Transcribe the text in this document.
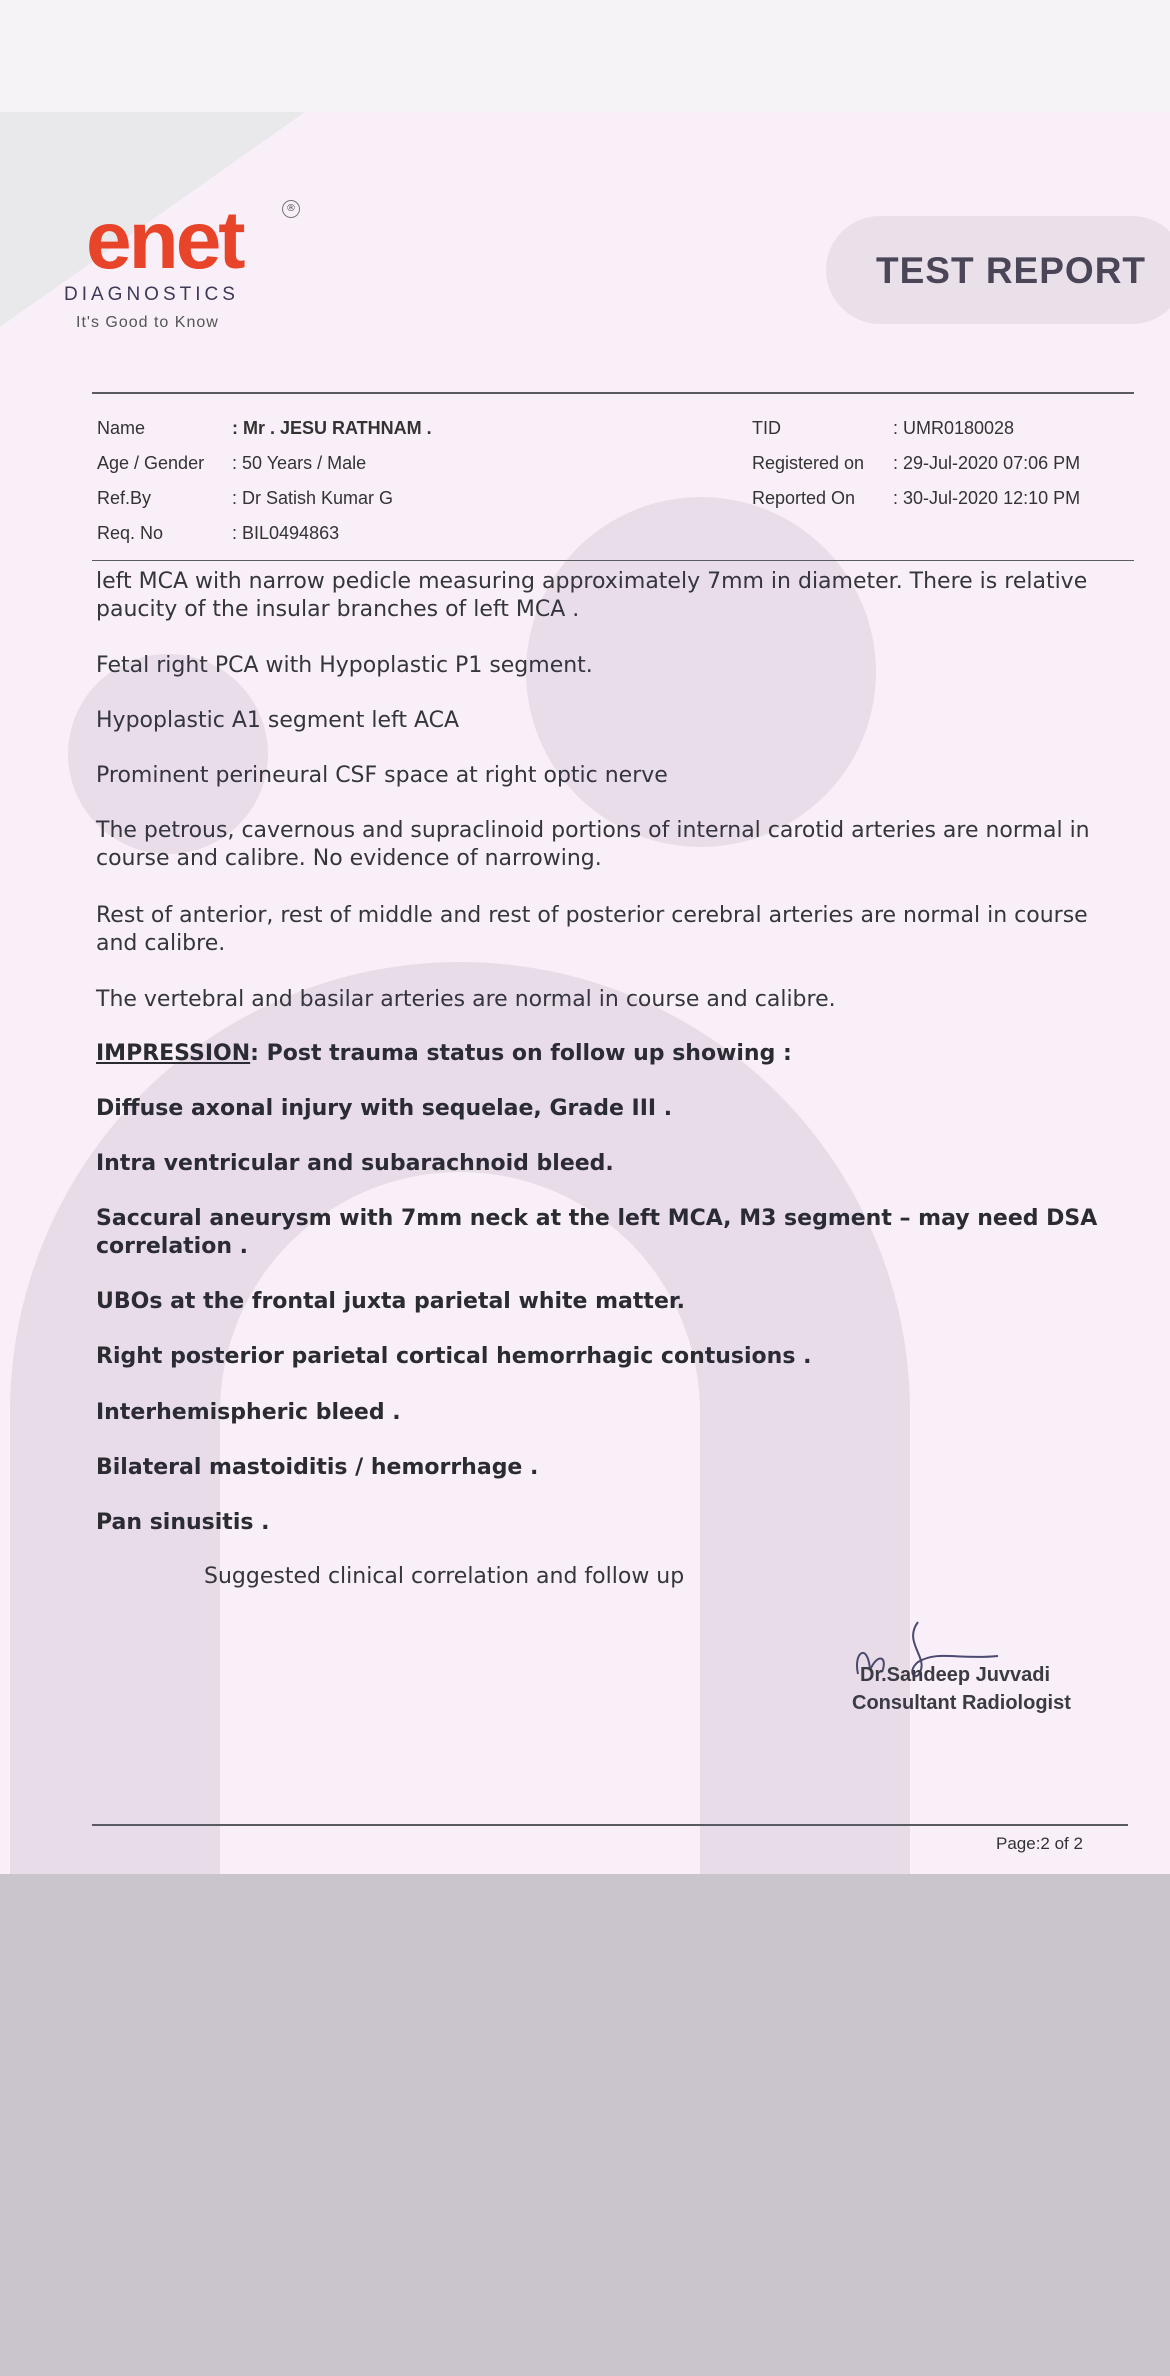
enet	®
DIAGNOSTICS
It's Good to Know
TEST REPORT
Name	: Mr . JESU RATHNAM .
Age / Gender : 50 Years / Male
Ref.By	: Dr Satish Kumar G
Req. No	: BIL0494863
TID	: UMR0180028
Registered on : 29-Jul-2020 07:06 PM
Reported On : 30-Jul-2020 12:10 PM
left MCA with narrow pedicle measuring approximately 7mm in diameter. There is relative paucity of the insular branches of left MCA .
Fetal right PCA with Hypoplastic P1 segment.
Hypoplastic A1 segment left ACA
Prominent perineural CSF space at right optic nerve
The petrous, cavernous and supraclinoid portions of internal carotid arteries are normal in course and calibre. No evidence of narrowing.
Rest of anterior, rest of middle and rest of posterior cerebral arteries are normal in course and calibre.
The vertebral and basilar arteries are normal in course and calibre.
IMPRESSION: Post trauma status on follow up showing :
Diffuse axonal injury with sequelae, Grade III .
Intra ventricular and subarachnoid bleed.
Saccural aneurysm with 7mm neck at the left MCA, M3 segment – may need DSA correlation .
UBOs at the frontal juxta parietal white matter.
Right posterior parietal cortical hemorrhagic contusions .
Interhemispheric bleed .
Bilateral mastoiditis / hemorrhage .
Pan sinusitis .
Suggested clinical correlation and follow up
Dr.Sandeep Juvvadi
Consultant Radiologist
Page:2 of 2
